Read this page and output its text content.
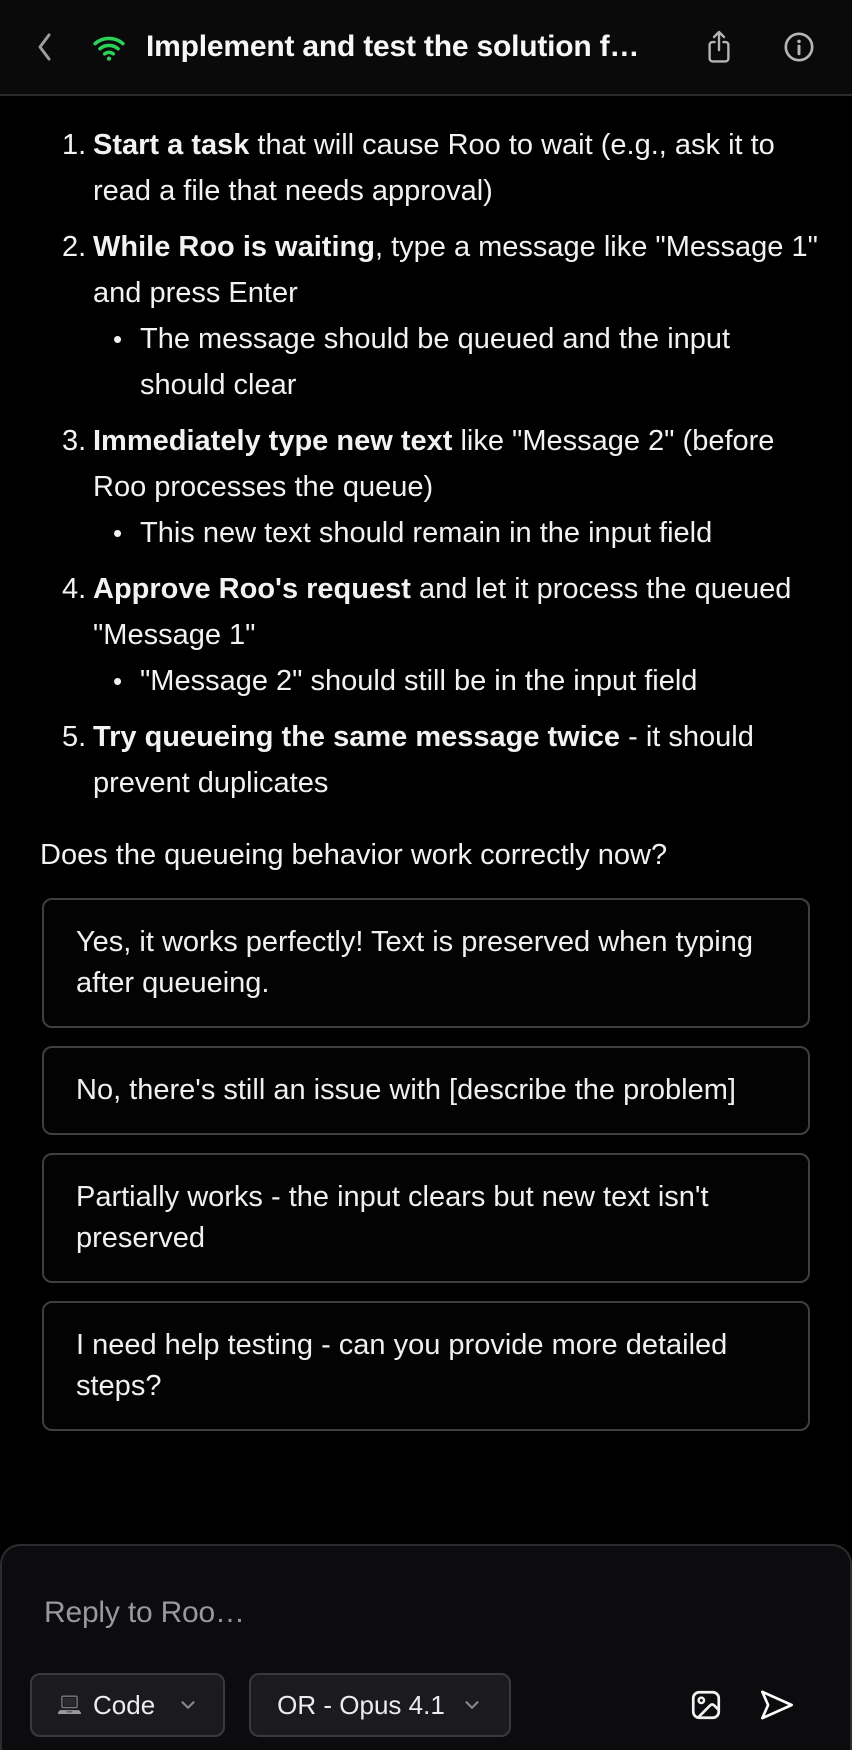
Implement and test the solution f…
1. Start a task that will cause Roo to wait (e.g., ask it to read a file that needs approval)
2. While Roo is waiting, type a message like "Message 1" and press Enter
•
The message should be queued and the input should clear
3. Immediately type new text like "Message 2" (before Roo processes the queue)
•
This new text should remain in the input field
4. Approve Roo's request and let it process the queued "Message 1"
•
"Message 2" should still be in the input field
5. Try queueing the same message twice - it should prevent duplicates
Does the queueing behavior work correctly now?
Yes, it works perfectly! Text is preserved when typing after queueing.
No, there's still an issue with [describe the problem]
Partially works - the input clears but new text isn't preserved
I need help testing - can you provide more detailed steps?
Reply to Roo…
Code	OR - Opus 4.1
